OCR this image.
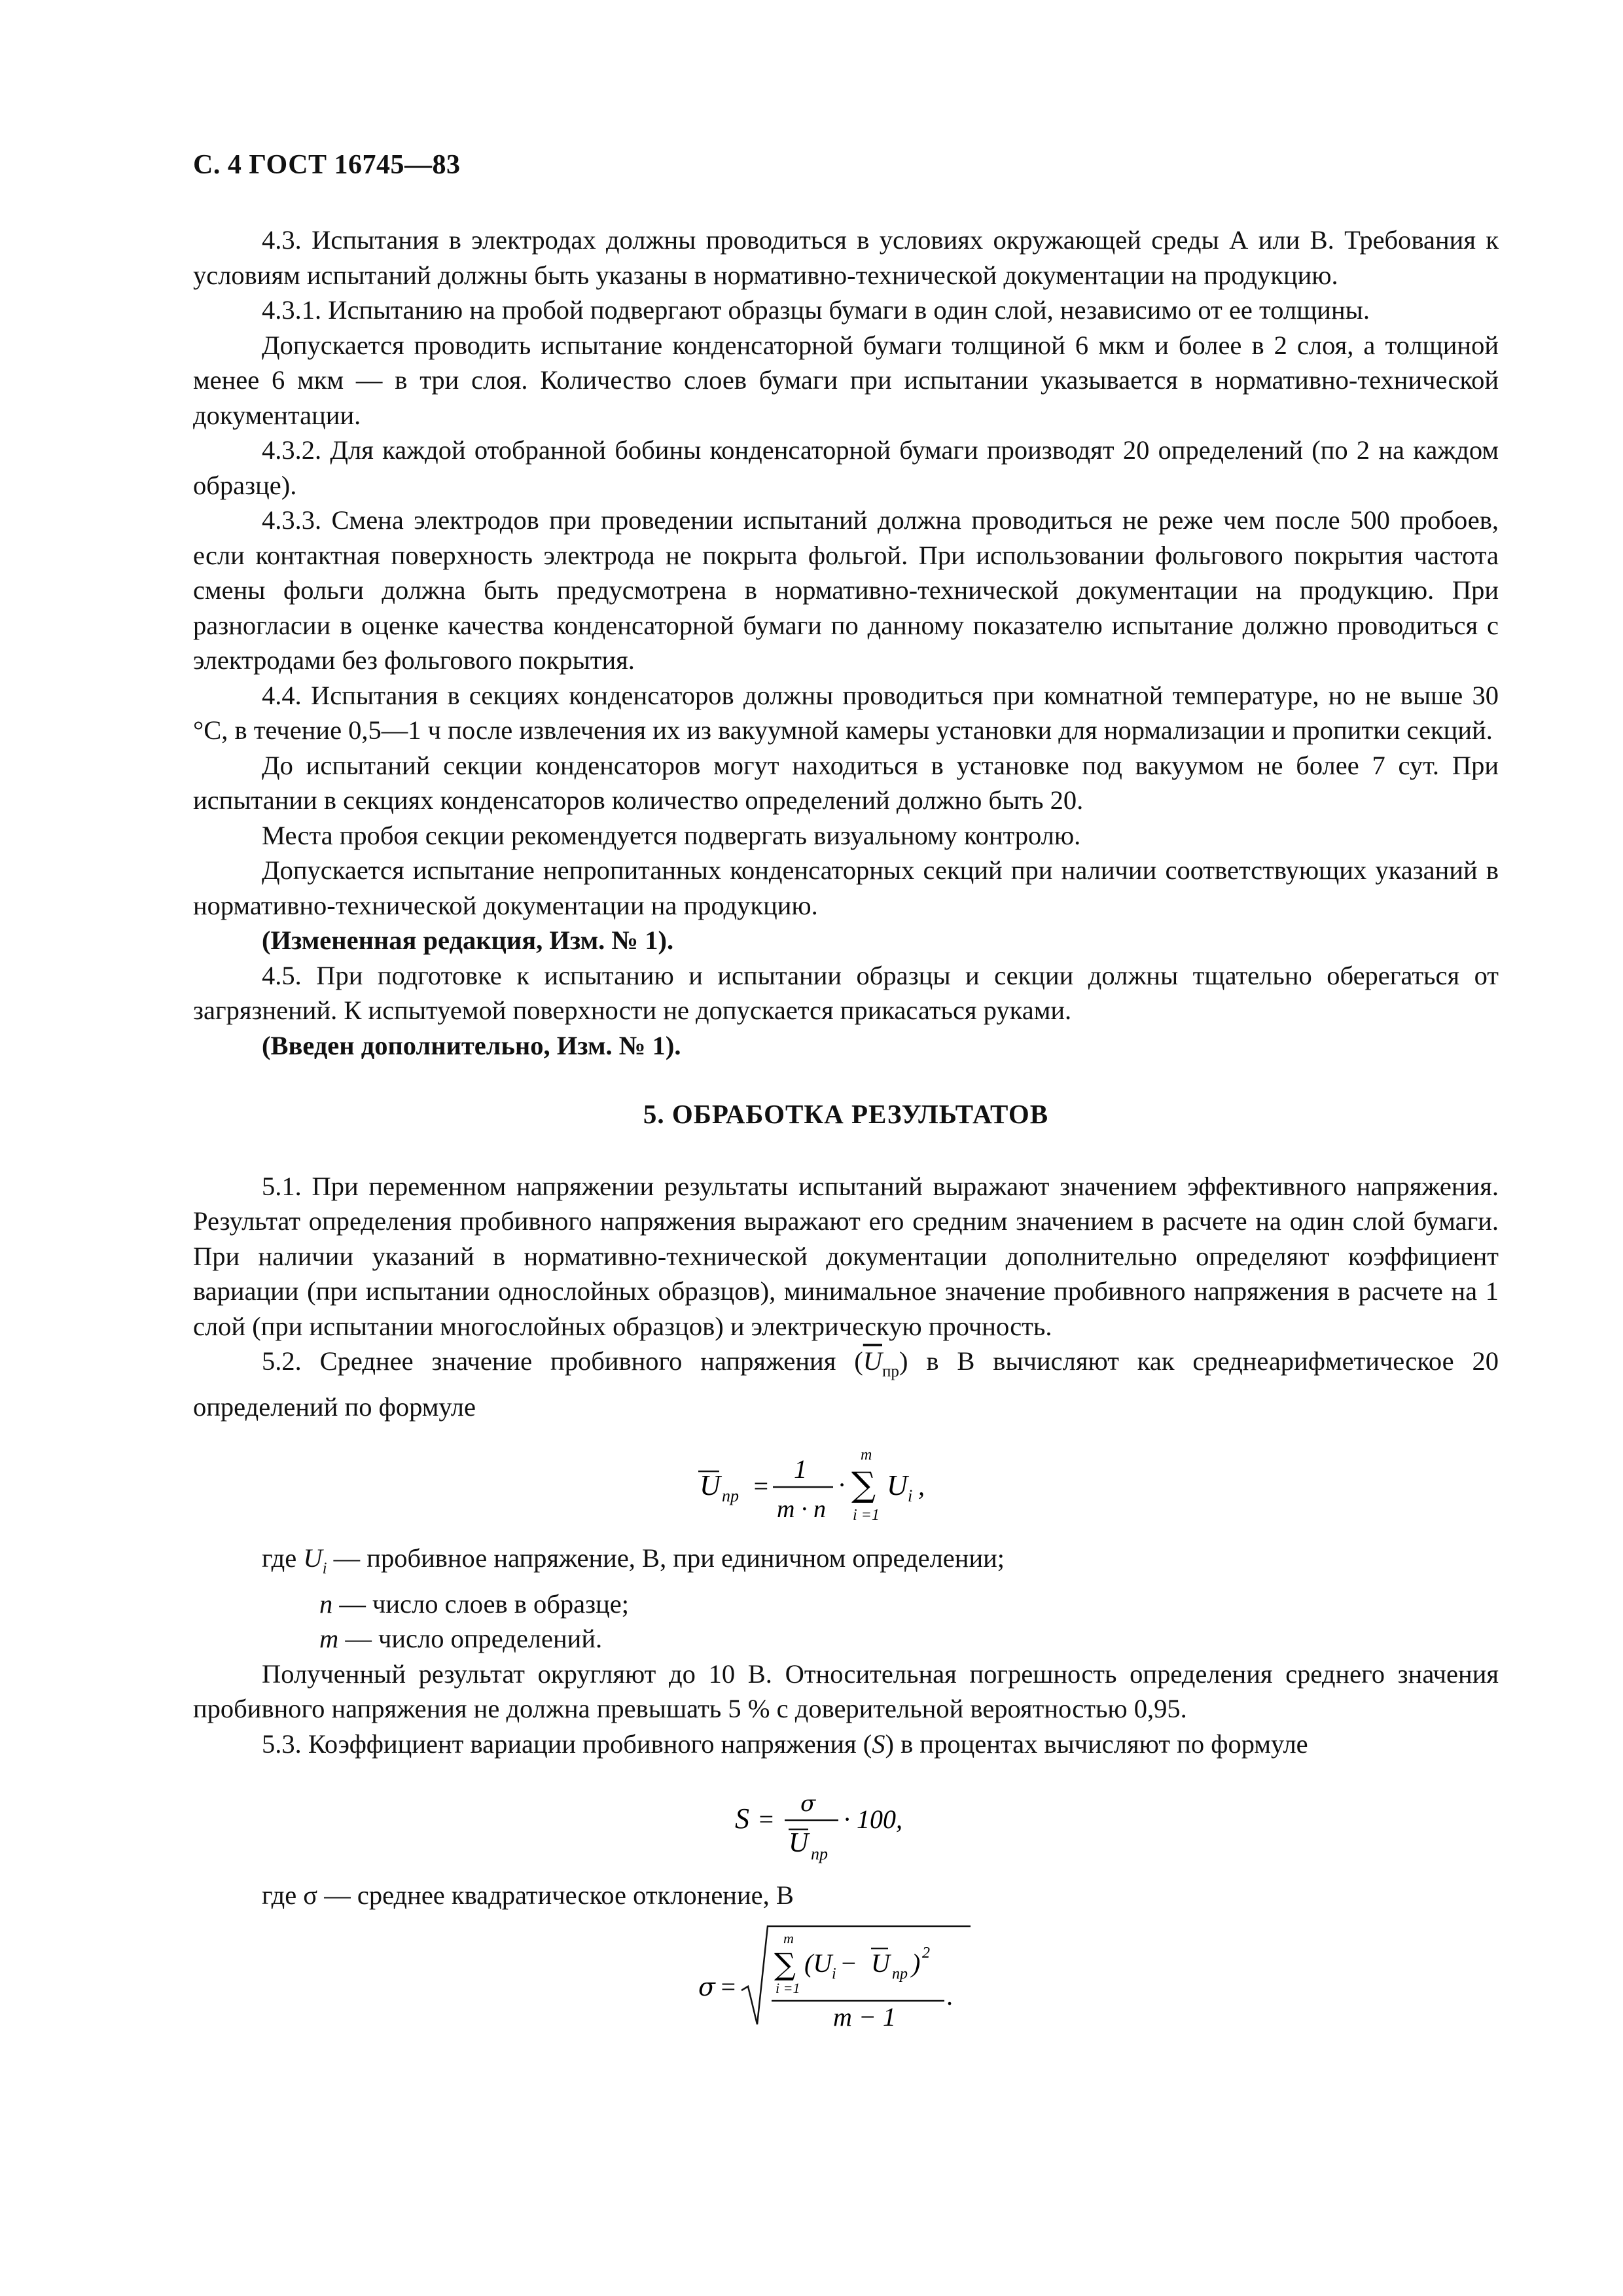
С. 4 ГОСТ 16745—83

4.3. Испытания в электродах должны проводиться в условиях окружающей среды А или В. Требования к условиям испытаний должны быть указаны в нормативно-технической документации на продукцию.

4.3.1. Испытанию на пробой подвергают образцы бумаги в один слой, независимо от ее толщины.

Допускается проводить испытание конденсаторной бумаги толщиной 6 мкм и более в 2 слоя, а толщиной менее 6 мкм — в три слоя. Количество слоев бумаги при испытании указывается в нормативно-технической документации.

4.3.2. Для каждой отобранной бобины конденсаторной бумаги производят 20 определений (по 2 на каждом образце).

4.3.3. Смена электродов при проведении испытаний должна проводиться не реже чем после 500 пробоев, если контактная поверхность электрода не покрыта фольгой. При использовании фольгового покрытия частота смены фольги должна быть предусмотрена в нормативно-технической документации на продукцию. При разногласии в оценке качества конденсаторной бумаги по данному показателю испытание должно проводиться с электродами без фольгового покрытия.

4.4. Испытания в секциях конденсаторов должны проводиться при комнатной температуре, но не выше 30 °С, в течение 0,5—1 ч после извлечения их из вакуумной камеры установки для нормализации и пропитки секций.

До испытаний секции конденсаторов могут находиться в установке под вакуумом не более 7 сут. При испытании в секциях конденсаторов количество определений должно быть 20.

Места пробоя секции рекомендуется подвергать визуальному контролю.

Допускается испытание непропитанных конденсаторных секций при наличии соответствующих указаний в нормативно-технической документации на продукцию.

(Измененная редакция, Изм. № 1).

4.5. При подготовке к испытанию и испытании образцы и секции должны тщательно оберегаться от загрязнений. К испытуемой поверхности не допускается прикасаться руками.

(Введен дополнительно, Изм. № 1).

5. ОБРАБОТКА РЕЗУЛЬТАТОВ

5.1. При переменном напряжении результаты испытаний выражают значением эффективного напряжения. Результат определения пробивного напряжения выражают его средним значением в расчете на один слой бумаги. При наличии указаний в нормативно-технической документации дополнительно определяют коэффициент вариации (при испытании однослойных образцов), минимальное значение пробивного напряжения в расчете на 1 слой (при испытании многослойных образцов) и электрическую прочность.

5.2. Среднее значение пробивного напряжения $(\overline{U}_{пр})$ в В вычисляют как среднеарифметическое 20 определений по формуле

U пр =
1
m · n
·
m
∑
i =1
U i ,

где $U_i$ — пробивное напряжение, В, при единичном определении;

n — число слоев в образце;

m — число определений.

Полученный результат округляют до 10 В. Относительная погрешность определения среднего значения пробивного напряжения не должна превышать 5 % с доверительной вероятностью 0,95.

5.3. Коэффициент вариации пробивного напряжения (S) в процентах вычисляют по формуле

S =
σ
U пр
· 100,

где σ — среднее квадратическое отклонение, В

σ =
m
∑
i =1
(U i − U пр ) 2
m − 1
.
